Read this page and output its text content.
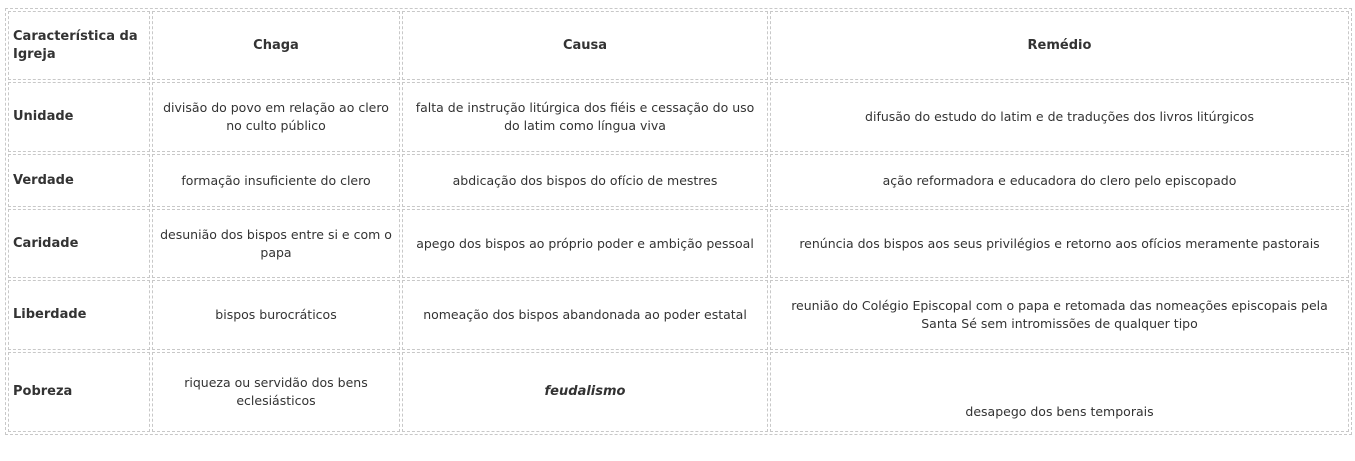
Característica da Igreja	Chaga	Causa	Remédio
Unidade	divisão do povo em relação ao clero no culto público	falta de instrução litúrgica dos fiéis e cessação do uso do latim como língua viva	difusão do estudo do latim e de traduções dos livros litúrgicos
Verdade	formação insuficiente do clero	abdicação dos bispos do ofício de mestres	ação reformadora e educadora do clero pelo episcopado
Caridade	desunião dos bispos entre si e com o papa	apego dos bispos ao próprio poder e ambição pessoal	renúncia dos bispos aos seus privilégios e retorno aos ofícios meramente pastorais
Liberdade	bispos burocráticos	nomeação dos bispos abandonada ao poder estatal	reunião do Colégio Episcopal com o papa e retomada das nomeações episcopais pela Santa Sé sem intromissões de qualquer tipo
Pobreza	riqueza ou servidão dos bens eclesiásticos	feudalismo	desapego dos bens temporais
